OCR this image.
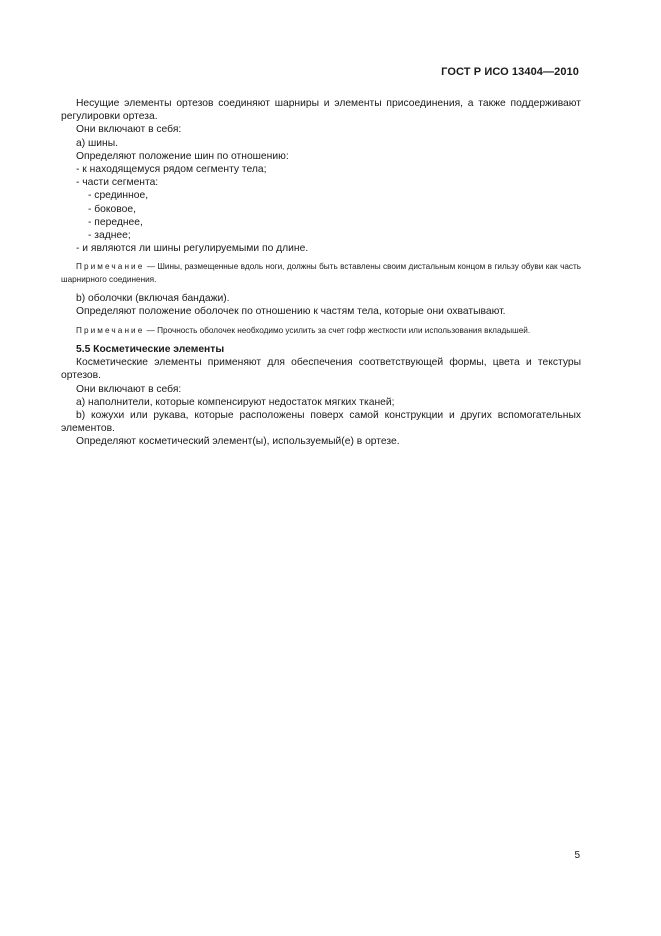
ГОСТ Р ИСО 13404—2010

Несущие элементы ортезов соединяют шарниры и элементы присоединения, а также поддерживают регулировки ортеза.

Они включают в себя:

а) шины.

Определяют положение шин по отношению:

- к находящемуся рядом сегменту тела;

- части сегмента:

- срединное,

- боковое,

- переднее,

- заднее;

- и являются ли шины регулируемыми по длине.

Примечание — Шины, размещенные вдоль ноги, должны быть вставлены своим дистальным концом в гильзу обуви как часть шарнирного соединения.

b) оболочки (включая бандажи).

Определяют положение оболочек по отношению к частям тела, которые они охватывают.

Примечание — Прочность оболочек необходимо усилить за счет гофр жесткости или использования вкладышей.

5.5 Косметические элементы

Косметические элементы применяют для обеспечения соответствующей формы, цвета и текстуры ортезов.

Они включают в себя:

а) наполнители, которые компенсируют недостаток мягких тканей;

b) кожухи или рукава, которые расположены поверх самой конструкции и других вспомогательных элементов.

Определяют косметический элемент(ы), используемый(е) в ортезе.

5
